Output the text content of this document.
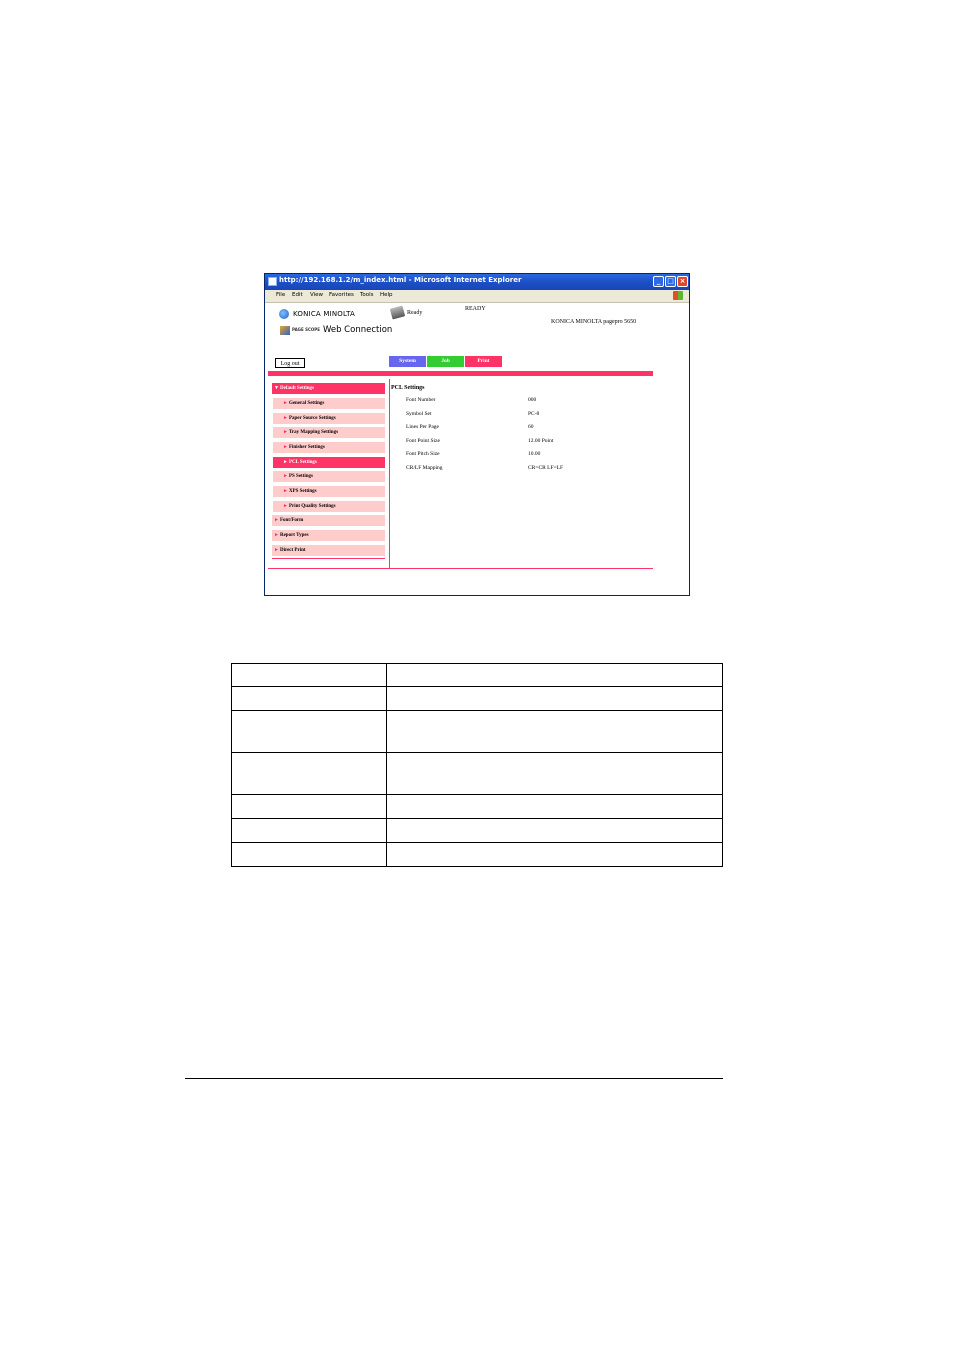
http://192.168.1.2/m_index.html - Microsoft Internet Explorer	_ □ ×
File Edit View Favorites Tools Help
KONICA MINOLTA
PAGE SCOPE Web Connection
Ready
READY
KONICA MINOLTA pagepro 5650
Log out	System	Job	Print
▼Default Settings
►General Settings
►Paper Source Settings
►Tray Mapping Settings
►Finisher Settings
►PCL Settings
►PS Settings
►XPS Settings
►Print Quality Settings
►Font/Form
►Report Types
►Direct Print
PCL Settings
Font Number	000
Symbol Set	PC-8
Lines Per Page	60
Font Point Size	12.00 Point
Font Pitch Size	10.00
CR/LF Mapping	CR=CR LF=LF
